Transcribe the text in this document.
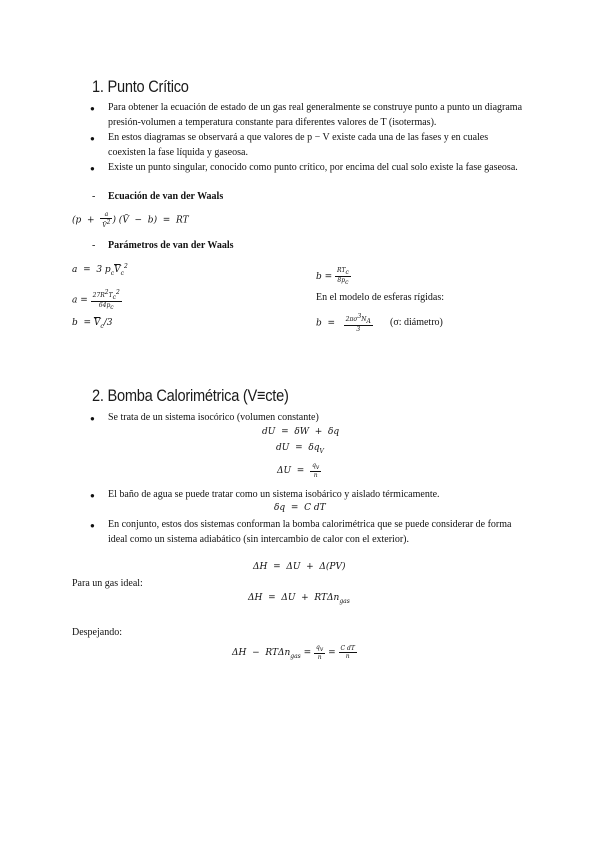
1. Punto Crítico
● Para obtener la ecuación de estado de un gas real generalmente se construye punto a punto un diagrama presión-volumen a temperatura constante para diferentes valores de T (isotermas).
● En estos diagramas se observará a que valores de p − V existe cada una de las fases y en cuales coexisten la fase líquida y gaseosa.
● Existe un punto singular, conocido como punto crítico, por encima del cual solo existe la fase gaseosa.
- Ecuación de van der Waals
($p + \frac{a}{V̄^2}$ ) (V̄  −  b)  =  RT
- Parámetros de van der Waals
a  =  3 $p_c\overline{V}_c^2$
$a = \frac{27R^2T_c^2}{64p_c}$
$b = \overline{V}_c/3$
$b = \frac{RT_c}{8p_c}$
En el modelo de esferas rígidas:
$b = \frac{2\pi\sigma^3N_A}{3} (\sigma$: diámetro)
2. Bomba Calorimétrica (V≡cte)
● Se trata de un sistema isocórico (volumen constante)
dU  =  δW  +  δq
dU  =  $\delta q_V$
$\Delta U = \frac{q_v}{n}$
● El baño de agua se puede tratar como un sistema isobárico y aislado térmicamente.
δq  =  C dT
● En conjunto, estos dos sistemas conforman la bomba calorimétrica que se puede considerar de forma ideal como un sistema adiabático (sin intercambio de calor con el exterior).
ΔH  =  ΔU  +  Δ(PV)
Para un gas ideal:
ΔH  =  ΔU  +  RTΔn$_{gas}$
Despejando:
$\Delta H - RT\Delta n_{gas} = \frac{q_v}{n} = \frac{\text{C dT}}{n}$
